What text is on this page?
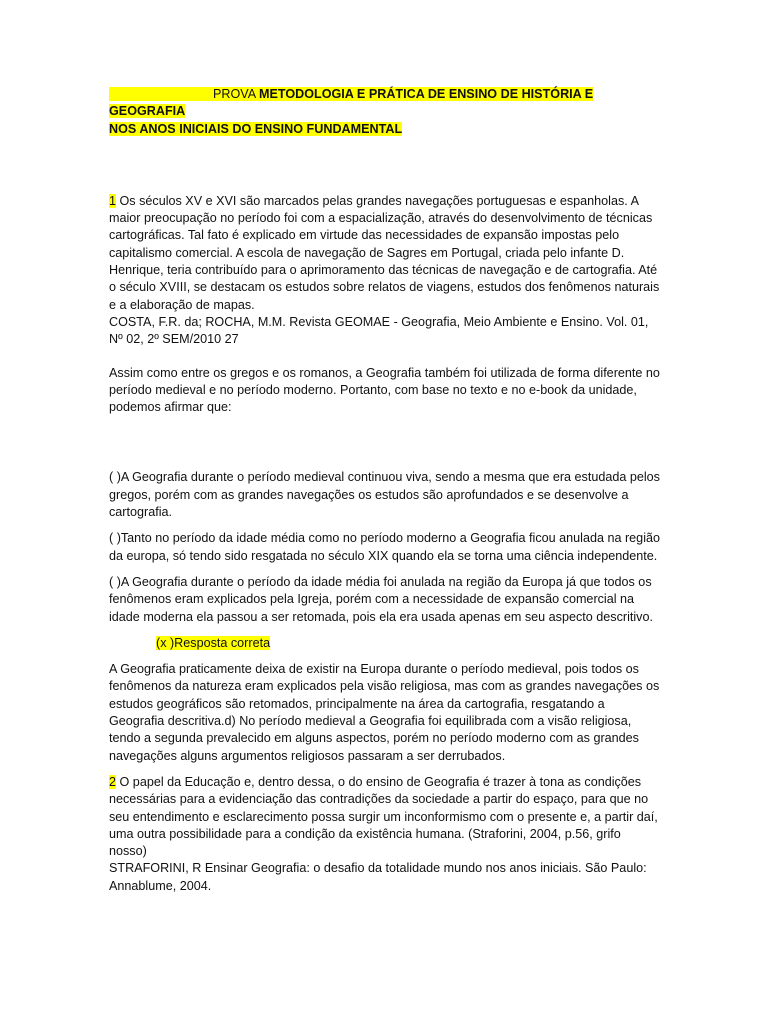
PROVA METODOLOGIA E PRÁTICA DE ENSINO DE HISTÓRIA E GEOGRAFIA

NOS ANOS INICIAIS DO ENSINO FUNDAMENTAL

1 Os séculos XV e XVI são marcados pelas grandes navegações portuguesas e espanholas. A maior preocupação no período foi com a espacialização, através do desenvolvimento de técnicas cartográficas. Tal fato é explicado em virtude das necessidades de expansão impostas pelo capitalismo comercial. A escola de navegação de Sagres em Portugal, criada pelo infante D. Henrique, teria contribuído para o aprimoramento das técnicas de navegação e de cartografia. Até o século XVIII, se destacam os estudos sobre relatos de viagens, estudos dos fenômenos naturais e a elaboração de mapas.

COSTA, F.R. da; ROCHA, M.M. Revista GEOMAE - Geografia, Meio Ambiente e Ensino. Vol. 01, Nº 02, 2º SEM/2010 27

Assim como entre os gregos e os romanos, a Geografia também foi utilizada de forma diferente no período medieval e no período moderno. Portanto, com base no texto e no e-book da unidade, podemos afirmar que:

( )A Geografia durante o período medieval continuou viva, sendo a mesma que era estudada pelos gregos, porém com as grandes navegações os estudos são aprofundados e se desenvolve a cartografia.

( )Tanto no período da idade média como no período moderno a Geografia ficou anulada na região da europa, só tendo sido resgatada no século XIX quando ela se torna uma ciência independente.

( )A Geografia durante o período da idade média foi anulada na região da Europa já que todos os fenômenos eram explicados pela Igreja, porém com a necessidade de expansão comercial na idade moderna ela passou a ser retomada, pois ela era usada apenas em seu aspecto descritivo.

(x )Resposta correta

A Geografia praticamente deixa de existir na Europa durante o período medieval, pois todos os fenômenos da natureza eram explicados pela visão religiosa, mas com as grandes navegações os estudos geográficos são retomados, principalmente na área da cartografia, resgatando a Geografia descritiva.d) No período medieval a Geografia foi equilibrada com a visão religiosa, tendo a segunda prevalecido em alguns aspectos, porém no período moderno com as grandes navegações alguns argumentos religiosos passaram a ser derrubados.

2 O papel da Educação e, dentro dessa, o do ensino de Geografia é trazer à tona as condições necessárias para a evidenciação das contradições da sociedade a partir do espaço, para que no seu entendimento e esclarecimento possa surgir um inconformismo com o presente e, a partir daí, uma outra possibilidade para a condição da existência humana. (Straforini, 2004, p.56, grifo nosso)

STRAFORINI, R Ensinar Geografia: o desafio da totalidade mundo nos anos iniciais. São Paulo: Annablume, 2004.
